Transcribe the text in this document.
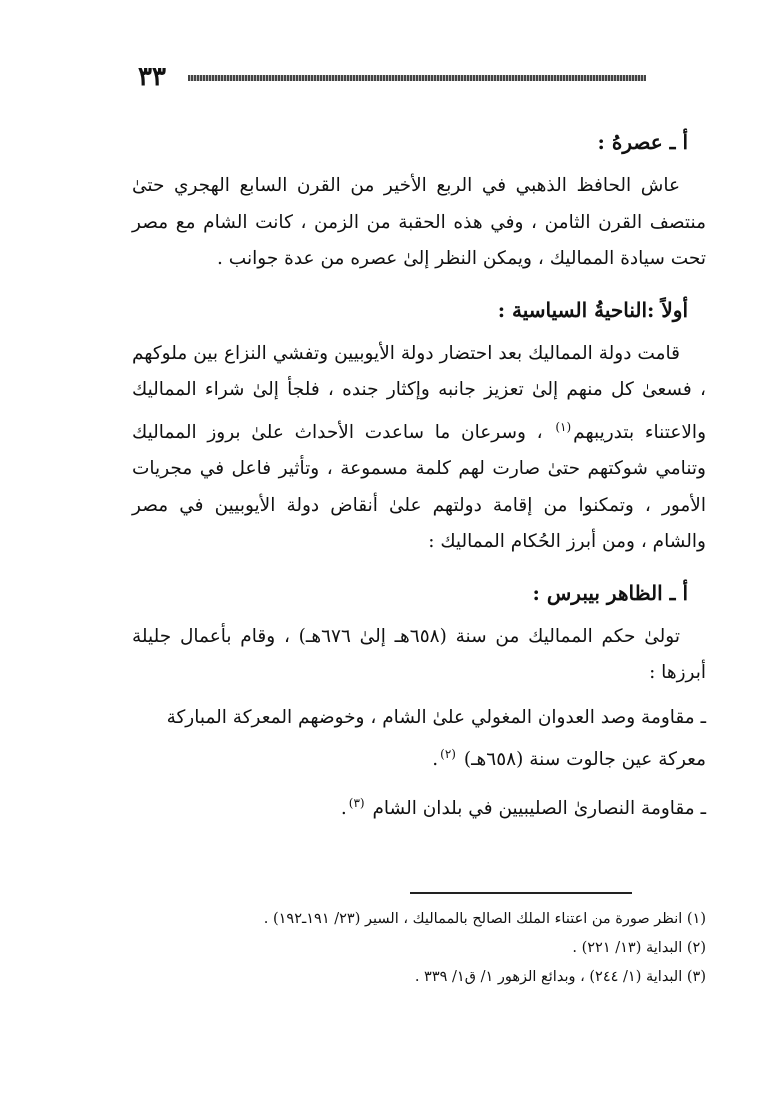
٣٣
أ ـ عصرهُ :

عاش الحافظ الذهبي في الربع الأخير من القرن السابع الهجري حتىٰ منتصف القرن الثامن ، وفي هذه الحقبة من الزمن ، كانت الشام مع مصر تحت سيادة المماليك ، ويمكن النظر إلىٰ عصره من عدة جوانب .

أولاً :الناحيةُ السياسية :

قامت دولة المماليك بعد احتضار دولة الأيوبيين وتفشي النزاع بين ملوكهم ، فسعىٰ كل منهم إلىٰ تعزيز جانبه وإكثار جنده ، فلجأ إلىٰ شراء المماليك والاعتناء بتدريبهم$^{(١)}$ ، وسرعان ما ساعدت الأحداث علىٰ بروز المماليك وتنامي شوكتهم حتىٰ صارت لهم كلمة مسموعة ، وتأثير فاعل في مجريات الأمور ، وتمكنوا من إقامة دولتهم علىٰ أنقاض دولة الأيوبيين في مصر والشام ، ومن أبرز الحُكام المماليك :

أ ـ الظاهر بيبرس :

تولىٰ حكم المماليك من سنة (٦٥٨هـ إلىٰ ٦٧٦هـ) ، وقام بأعمال جليلة أبرزها :

ـ مقاومة وصد العدوان المغولي علىٰ الشام ، وخوضهم المعركة المباركة معركة عين جالوت سنة (٦٥٨هـ) $^{(٢)}$.

ـ مقاومة النصارىٰ الصليبيين في بلدان الشام $^{(٣)}$.

(١) انظر صورة من اعتناء الملك الصالح بالمماليك ، السير (٢٣/ ١٩١ـ١٩٢) .

(٢) البداية (١٣/ ٢٢١) .

(٣) البداية (١/ ٢٤٤) ، وبدائع الزهور ١/ ق١/ ٣٣٩ .
